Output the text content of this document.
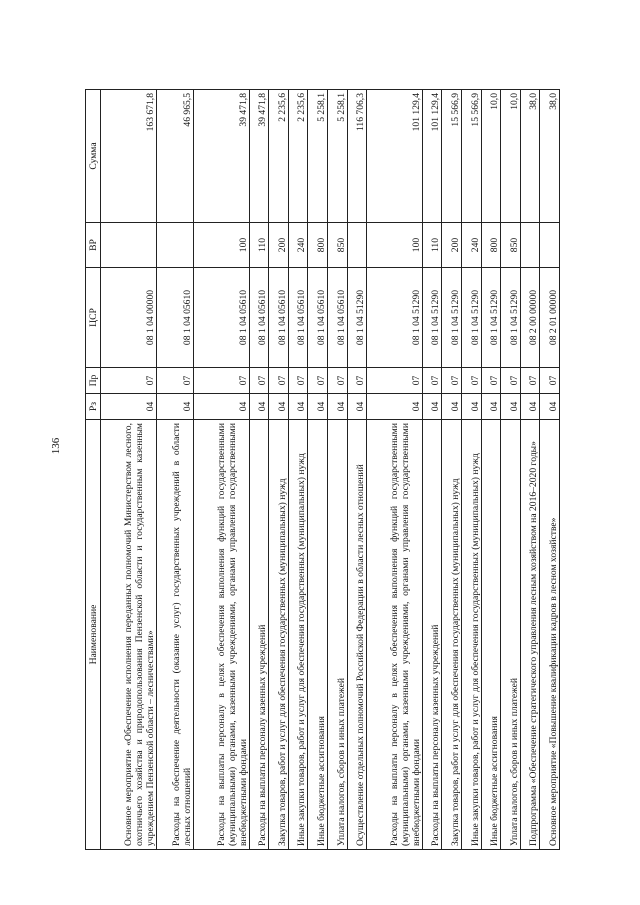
136
Наименование	Рз	Пр	ЦСР	ВР	Сумма
Основное мероприятие «Обеспечение исполнения переданных полномочий Министерством лесного, охотничьего хозяйства и природопользования Пензенской области и государственным казенным учреждением Пензенской области – лесничествами»	04	07	08 1 04 00000		163 671,8
Расходы на обеспечение деятельности (оказание услуг) государственных учреждений в области лесных отношений	04	07	08 1 04 05610		46 965,5
Расходы на выплаты персоналу в целях обеспечения выполнения функций государственными (муниципальными) органами, казенными учреждениями, органами управления государственными внебюджетными фондами	04	07	08 1 04 05610	100	39 471,8
Расходы на выплаты персоналу казенных учреждений	04	07	08 1 04 05610	110	39 471,8
Закупка товаров, работ и услуг для обеспечения государственных (муниципальных) нужд	04	07	08 1 04 05610	200	2 235,6
Иные закупки товаров, работ и услуг для обеспечения государственных (муниципальных) нужд	04	07	08 1 04 05610	240	2 235,6
Иные бюджетные ассигнования	04	07	08 1 04 05610	800	5 258,1
Уплата налогов, сборов и иных платежей	04	07	08 1 04 05610	850	5 258,1
Осуществление отдельных полномочий Российской Федерации в области лесных отношений	04	07	08 1 04 51290		116 706,3
Расходы на выплаты персоналу в целях обеспечения выполнения функций государственными (муниципальными) органами, казенными учреждениями, органами управления государственными внебюджетными фондами	04	07	08 1 04 51290	100	101 129,4
Расходы на выплаты персоналу казенных учреждений	04	07	08 1 04 51290	110	101 129,4
Закупка товаров, работ и услуг для обеспечения государственных (муниципальных) нужд	04	07	08 1 04 51290	200	15 566,9
Иные закупки товаров, работ и услуг для обеспечения государственных (муниципальных) нужд	04	07	08 1 04 51290	240	15 566,9
Иные бюджетные ассигнования	04	07	08 1 04 51290	800	10,0
Уплата налогов, сборов и иных платежей	04	07	08 1 04 51290	850	10,0
Подпрограмма «Обеспечение стратегического управления лесным хозяйством на 2016–2020 годы»	04	07	08 2 00 00000		38,0
Основное мероприятие «Повышение квалификации кадров в лесном хозяйстве»	04	07	08 2 01 00000		38,0
